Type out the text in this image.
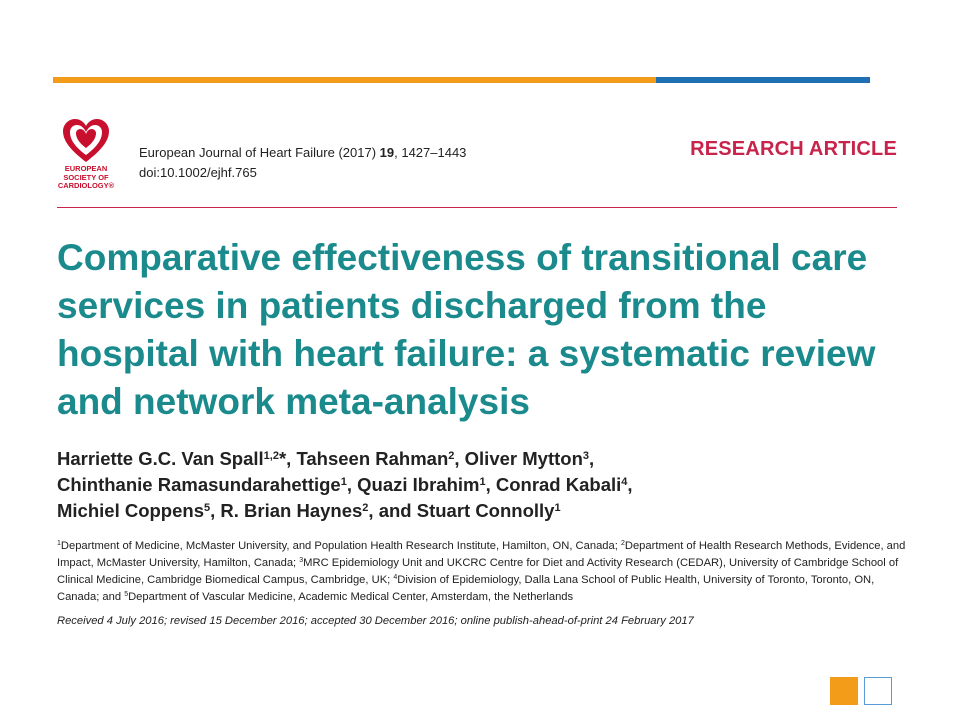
EUROPEAN
SOCIETY OF
CARDIOLOGY®
European Journal of Heart Failure (2017) 19, 1427–1443
doi:10.1002/ejhf.765
RESEARCH ARTICLE
Comparative effectiveness of transitional care services in patients discharged from the hospital with heart failure: a systematic review and network meta-analysis
Harriette G.C. Van Spall$^{1,2}$*, Tahseen Rahman$^2$, Oliver Mytton$^3$,
Chinthanie Ramasundarahettige$^1$, Quazi Ibrahim$^1$, Conrad Kabali$^4$,
Michiel Coppens$^5$, R. Brian Haynes$^2$, and Stuart Connolly$^1$
$^1$Department of Medicine, McMaster University, and Population Health Research Institute, Hamilton, ON, Canada; $^2$Department of Health Research Methods, Evidence, and Impact, McMaster University, Hamilton, Canada; $^3$MRC Epidemiology Unit and UKCRC Centre for Diet and Activity Research (CEDAR), University of Cambridge School of Clinical Medicine, Cambridge Biomedical Campus, Cambridge, UK; $^4$Division of Epidemiology, Dalla Lana School of Public Health, University of Toronto, Toronto, ON, Canada; and $^5$Department of Vascular Medicine, Academic Medical Center, Amsterdam, the Netherlands
Received 4 July 2016; revised 15 December 2016; accepted 30 December 2016; online publish-ahead-of-print 24 February 2017
